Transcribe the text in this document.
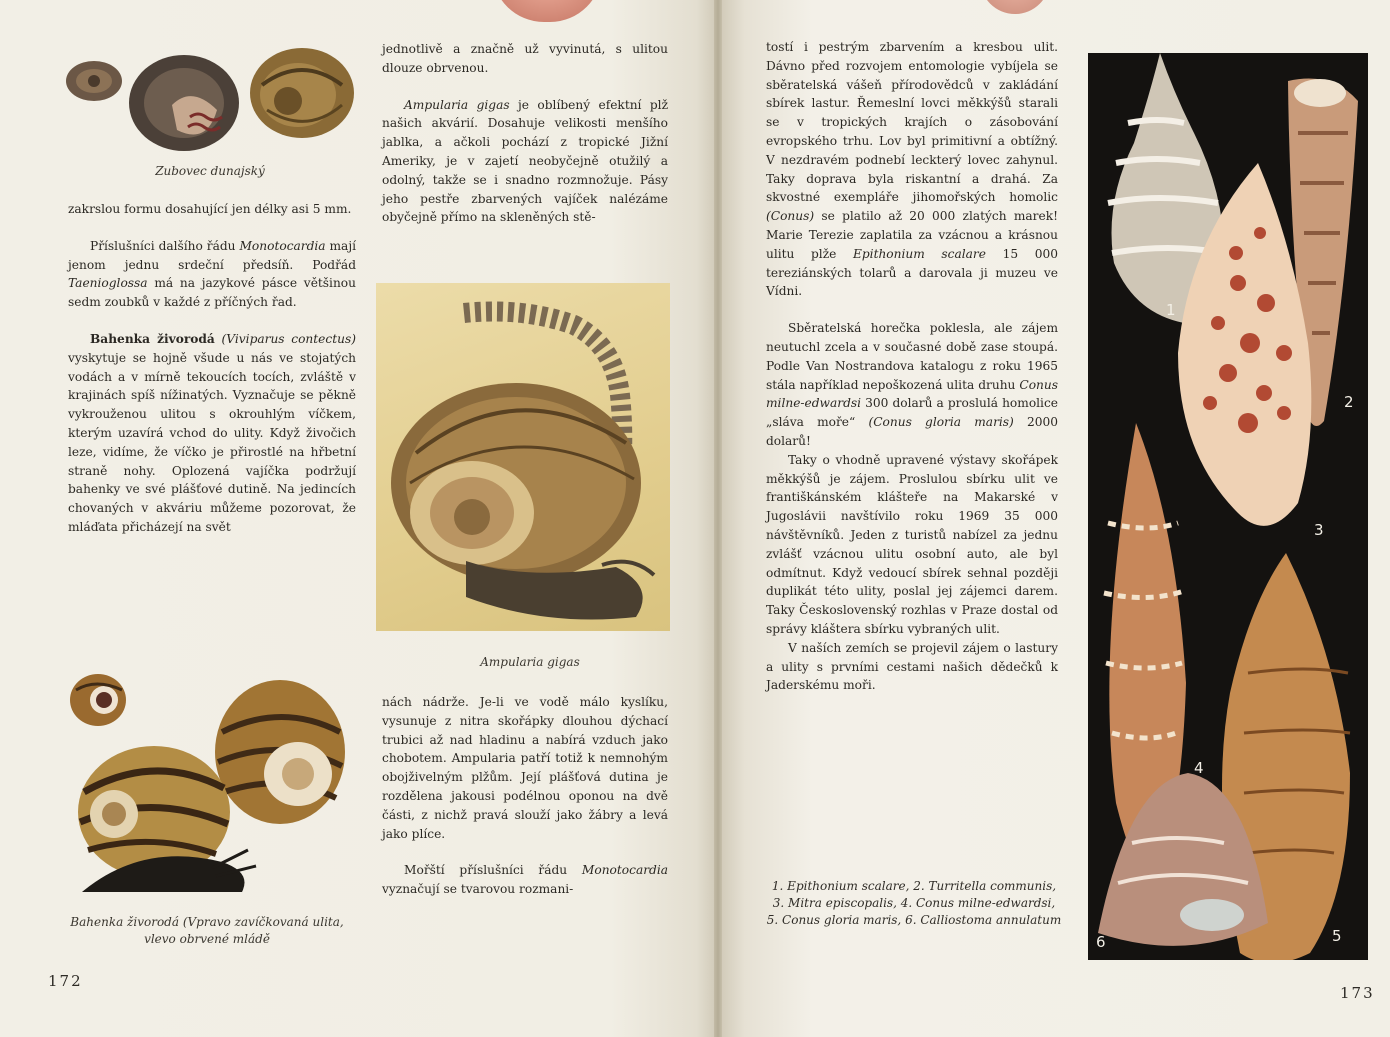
Zubovec dunajský

zakrslou formu dosahující jen délky asi 5 mm.

Příslušníci dalšího řádu Monotocardia mají jenom jednu srdeční předsíň. Podřád Taenioglossa má na jazykové pásce většinou sedm zoubků v každé z příčných řad.

Bahenka živorodá (Viviparus contectus) vyskytuje se hojně všude u nás ve stojatých vodách a v mírně tekoucích tocích, zvláště v krajinách spíš nížinatých. Vyznačuje se pěkně vykrouženou ulitou s okrouhlým víčkem, kterým uzavírá vchod do ulity. Když živočich leze, vidíme, že víčko je přirostlé na hřbetní straně nohy. Oplozená vajíčka podržují bahenky ve své plášťové dutině. Na jedincích chovaných v akváriu můžeme pozorovat, že mláďata přicházejí na svět

Bahenka živorodá (Vpravo zavíčkovaná ulita, vlevo obrvené mládě
172

jednotlivě a značně už vyvinutá, s ulitou dlouze obrvenou.

Ampularia gigas je oblíbený efektní plž našich akvárií. Dosahuje velikosti menšího jablka, a ačkoli pochází z tropické Jižní Ameriky, je v zajetí neobyčejně otužilý a odolný, takže se i snadno rozmnožuje. Pásy jeho pestře zbarvených vajíček nalézáme obyčejně přímo na skleněných stě-

Ampularia gigas

nách nádrže. Je-li ve vodě málo kyslíku, vysunuje z nitra skořápky dlouhou dýchací trubici až nad hladinu a nabírá vzduch jako chobotem. Ampularia patří totiž k nemnohým obojživelným plžům. Její plášťová dutina je rozdělena jakousi podélnou oponou na dvě části, z nichž pravá slouží jako žábry a levá jako plíce.

Mořští příslušníci řádu Monotocardia vyznačují se tvarovou rozmani-

tostí i pestrým zbarvením a kresbou ulit. Dávno před rozvojem entomologie vybíjela se sběratelská vášeň přírodovědců v zakládání sbírek lastur. Řemeslní lovci měkkýšů starali se v tropických krajích o zásobování evropského trhu. Lov byl primitivní a obtížný. V nezdravém podnebí leckterý lovec zahynul. Taky doprava byla riskantní a drahá. Za skvostné exempláře jihomořských homolic (Conus) se platilo až 20 000 zlatých marek! Marie Terezie zaplatila za vzácnou a krásnou ulitu plže Epithonium scalare 15 000 tereziánských tolarů a darovala ji muzeu ve Vídni.

Sběratelská horečka poklesla, ale zájem neutuchl zcela a v současné době zase stoupá. Podle Van Nostrandova katalogu z roku 1965 stála například nepoškozená ulita druhu Conus milne-edwardsi 300 dolarů a proslulá homolice „sláva moře“ (Conus gloria maris) 2000 dolarů!

Taky o vhodně upravené výstavy skořápek měkkýšů je zájem. Proslulou sbírku ulit ve františkánském klášteře na Makarské v Jugoslávii navštívilo roku 1969 35 000 návštěvníků. Jeden z turistů nabízel za jednu zvlášť vzácnou ulitu osobní auto, ale byl odmítnut. Když vedoucí sbírek sehnal později duplikát této ulity, poslal jej zájemci darem. Taky Československý rozhlas v Praze dostal od správy kláštera sbírku vybraných ulit.

V naších zemích se projevil zájem o lastury a ulity s prvními cestami našich dědečků k Jaderskému moři.

1. Epithonium scalare, 2. Turritella communis, 3. Mitra episcopalis, 4. Conus milne-edwardsi, 5. Conus gloria maris, 6. Calliostoma annulatum
1
2
3
4
5
6
173
